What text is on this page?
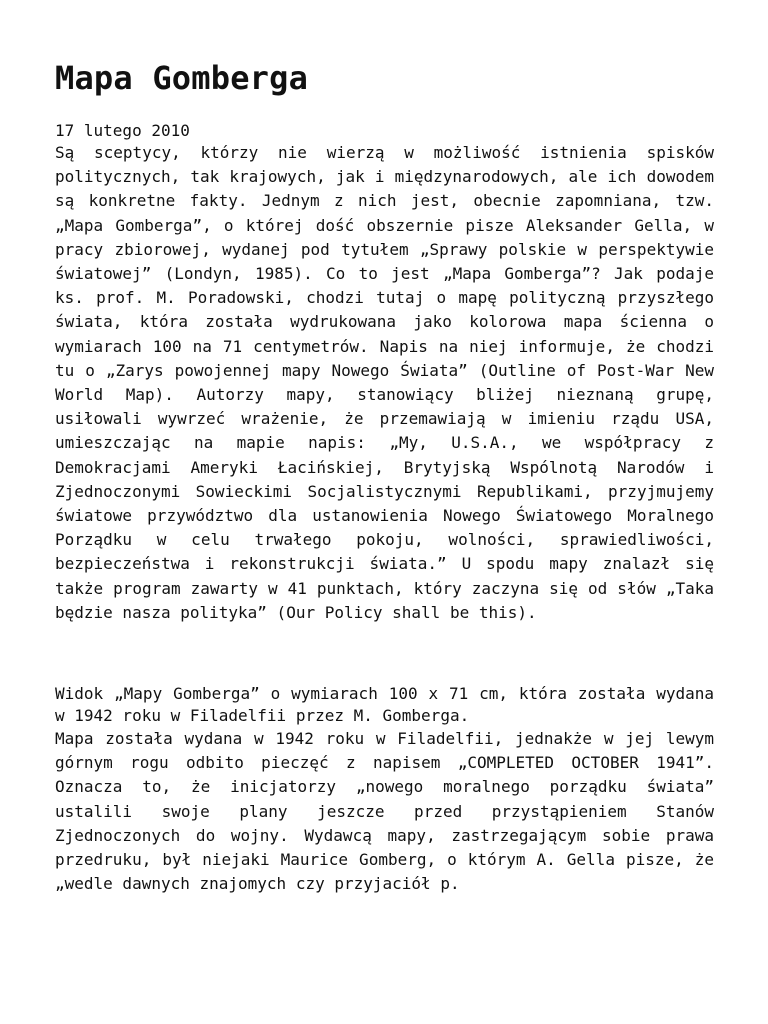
Mapa Gomberga
17 lutego 2010

Są sceptycy, którzy nie wierzą w możliwość istnienia spisków politycznych, tak krajowych, jak i międzynarodowych, ale ich dowodem są konkretne fakty. Jednym z nich jest, obecnie zapomniana, tzw. „Mapa Gomberga”, o której dość obszernie pisze Aleksander Gella, w pracy zbiorowej, wydanej pod tytułem „Sprawy polskie w perspektywie światowej” (Londyn, 1985). Co to jest „Mapa Gomberga”? Jak podaje ks. prof. M. Poradowski, chodzi tutaj o mapę polityczną przyszłego świata, która została wydrukowana jako kolorowa mapa ścienna o wymiarach 100 na 71 centymetrów. Napis na niej informuje, że chodzi tu o „Zarys powojennej mapy Nowego Świata” (Outline of Post-War New World Map). Autorzy mapy, stanowiący bliżej nieznaną grupę, usiłowali wywrzeć wrażenie, że przemawiają w imieniu rządu USA, umieszczając na mapie napis: „My, U.S.A., we współpracy z Demokracjami Ameryki Łacińskiej, Brytyjską Wspólnotą Narodów i Zjednoczonymi Sowieckimi Socjalistycznymi Republikami, przyjmujemy światowe przywództwo dla ustanowienia Nowego Światowego Moralnego Porządku w celu trwałego pokoju, wolności, sprawiedliwości, bezpieczeństwa i rekonstrukcji świata.” U spodu mapy znalazł się także program zawarty w 41 punktach, który zaczyna się od słów „Taka będzie nasza polityka” (Our Policy shall be this).

Widok „Mapy Gomberga” o wymiarach 100 x 71 cm, która została wydana w 1942 roku w Filadelfii przez M. Gomberga.

Mapa została wydana w 1942 roku w Filadelfii, jednakże w jej lewym górnym rogu odbito pieczęć z napisem „COMPLETED OCTOBER 1941”. Oznacza to, że inicjatorzy „nowego moralnego porządku świata” ustalili swoje plany jeszcze przed przystąpieniem Stanów Zjednoczonych do wojny. Wydawcą mapy, zastrzegającym sobie prawa przedruku, był niejaki Maurice Gomberg, o którym A. Gella pisze, że „wedle dawnych znajomych czy przyjaciół p.
